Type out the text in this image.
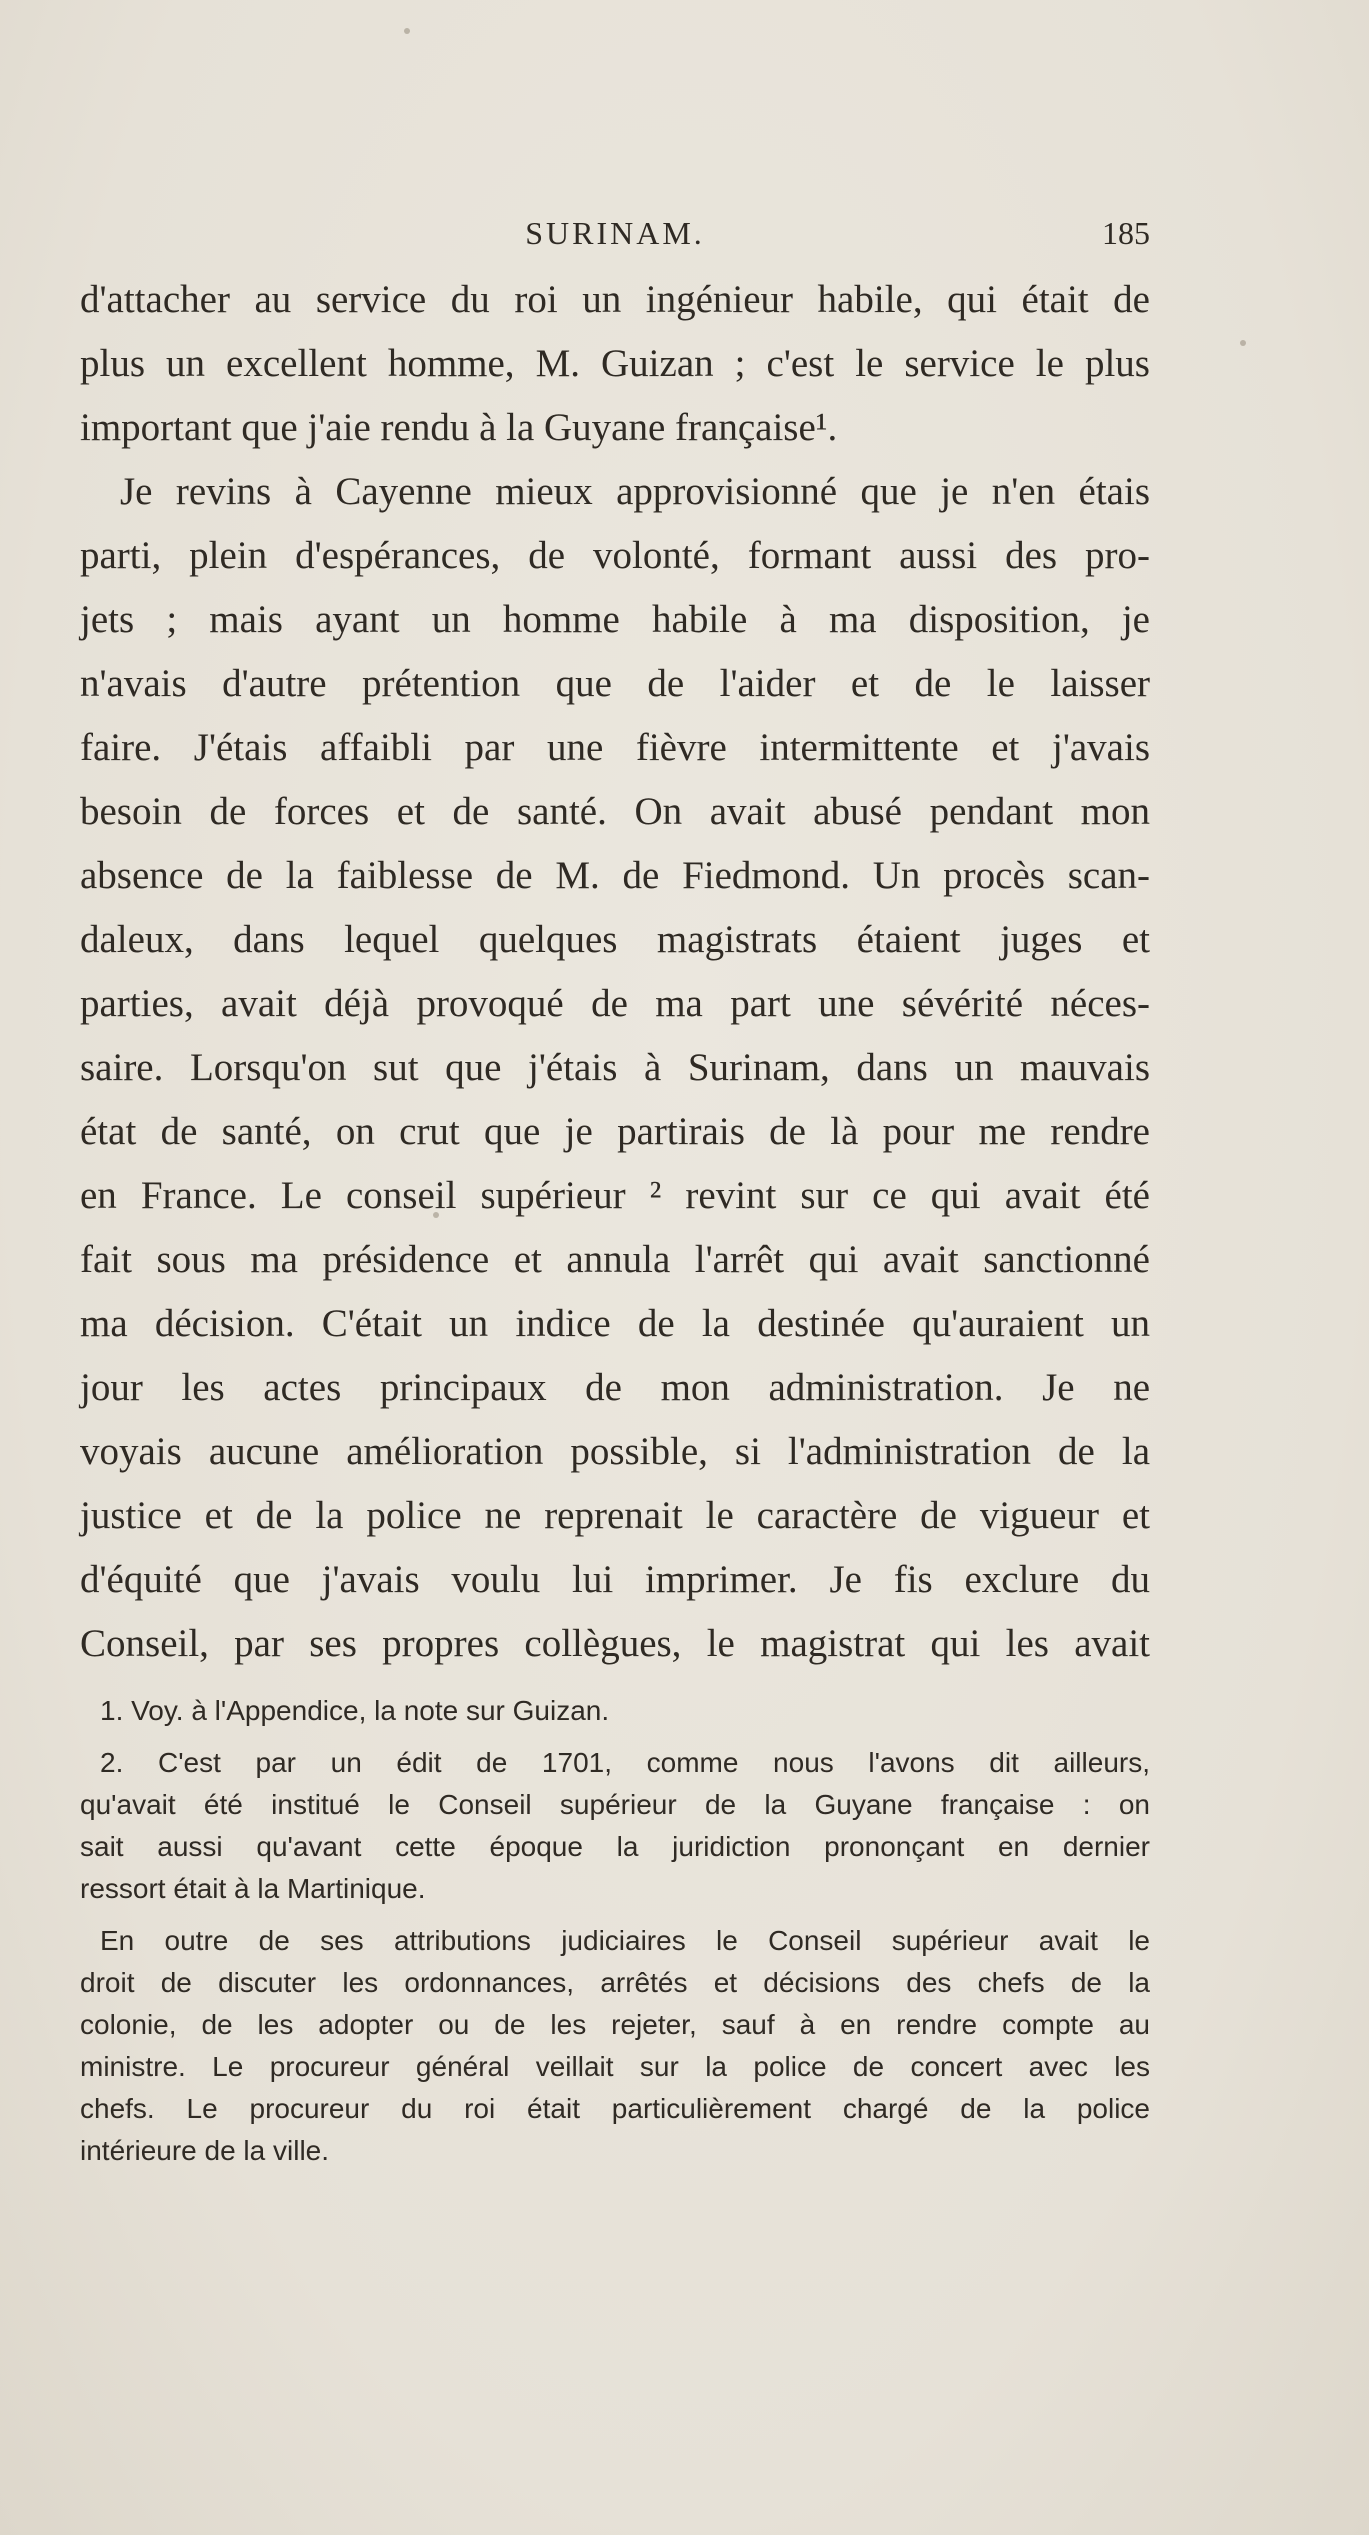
SURINAM.	185
d'attacher au service du roi un ingénieur habile, qui était de
plus un excellent homme, M. Guizan ; c'est le service le plus
important que j'aie rendu à la Guyane française¹.
Je revins à Cayenne mieux approvisionné que je n'en étais
parti, plein d'espérances, de volonté, formant aussi des pro-
jets ; mais ayant un homme habile à ma disposition, je
n'avais d'autre prétention que de l'aider et de le laisser
faire. J'étais affaibli par une fièvre intermittente et j'avais
besoin de forces et de santé. On avait abusé pendant mon
absence de la faiblesse de M. de Fiedmond. Un procès scan-
daleux, dans lequel quelques magistrats étaient juges et
parties, avait déjà provoqué de ma part une sévérité néces-
saire. Lorsqu'on sut que j'étais à Surinam, dans un mauvais
état de santé, on crut que je partirais de là pour me rendre
en France. Le conseil supérieur ² revint sur ce qui avait été
fait sous ma présidence et annula l'arrêt qui avait sanctionné
ma décision. C'était un indice de la destinée qu'auraient un
jour les actes principaux de mon administration. Je ne
voyais aucune amélioration possible, si l'administration de la
justice et de la police ne reprenait le caractère de vigueur et
d'équité que j'avais voulu lui imprimer. Je fis exclure du
Conseil, par ses propres collègues, le magistrat qui les avait
1. Voy. à l'Appendice, la note sur Guizan.
2. C'est par un édit de 1701, comme nous l'avons dit ailleurs,
qu'avait été institué le Conseil supérieur de la Guyane française : on
sait aussi qu'avant cette époque la juridiction prononçant en dernier
ressort était à la Martinique.
En outre de ses attributions judiciaires le Conseil supérieur avait le
droit de discuter les ordonnances, arrêtés et décisions des chefs de la
colonie, de les adopter ou de les rejeter, sauf à en rendre compte au
ministre. Le procureur général veillait sur la police de concert avec les
chefs. Le procureur du roi était particulièrement chargé de la police
intérieure de la ville.
